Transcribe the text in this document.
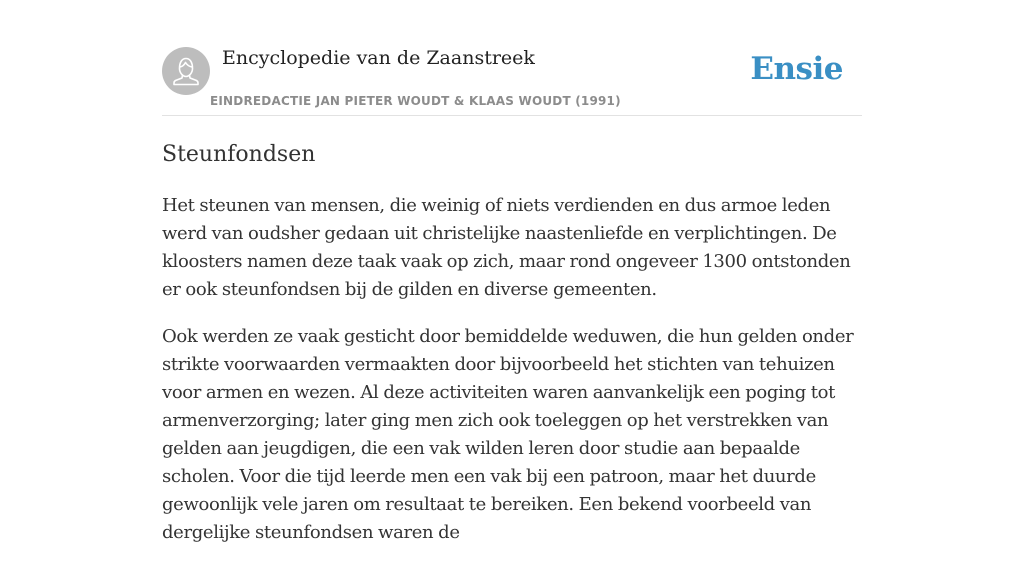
Encyclopedie van de Zaanstreek
EINDREDACTIE JAN PIETER WOUDT & KLAAS WOUDT (1991)
Ensie
Steunfondsen

Het steunen van mensen, die weinig of niets verdienden en dus armoe leden werd van oudsher gedaan uit christelijke naastenliefde en verplichtingen. De kloosters namen deze taak vaak op zich, maar rond ongeveer 1300 ontstonden er ook steunfondsen bij de gilden en diverse gemeenten.

Ook werden ze vaak gesticht door bemiddelde weduwen, die hun gelden onder strikte voorwaarden vermaakten door bijvoorbeeld het stichten van tehuizen voor armen en wezen. Al deze activiteiten waren aanvankelijk een poging tot armenverzorging; later ging men zich ook toeleggen op het verstrekken van gelden aan jeugdigen, die een vak wilden leren door studie aan bepaalde scholen. Voor die tijd leerde men een vak bij een patroon, maar het duurde gewoonlijk vele jaren om resultaat te bereiken. Een bekend voorbeeld van dergelijke steunfondsen waren de
